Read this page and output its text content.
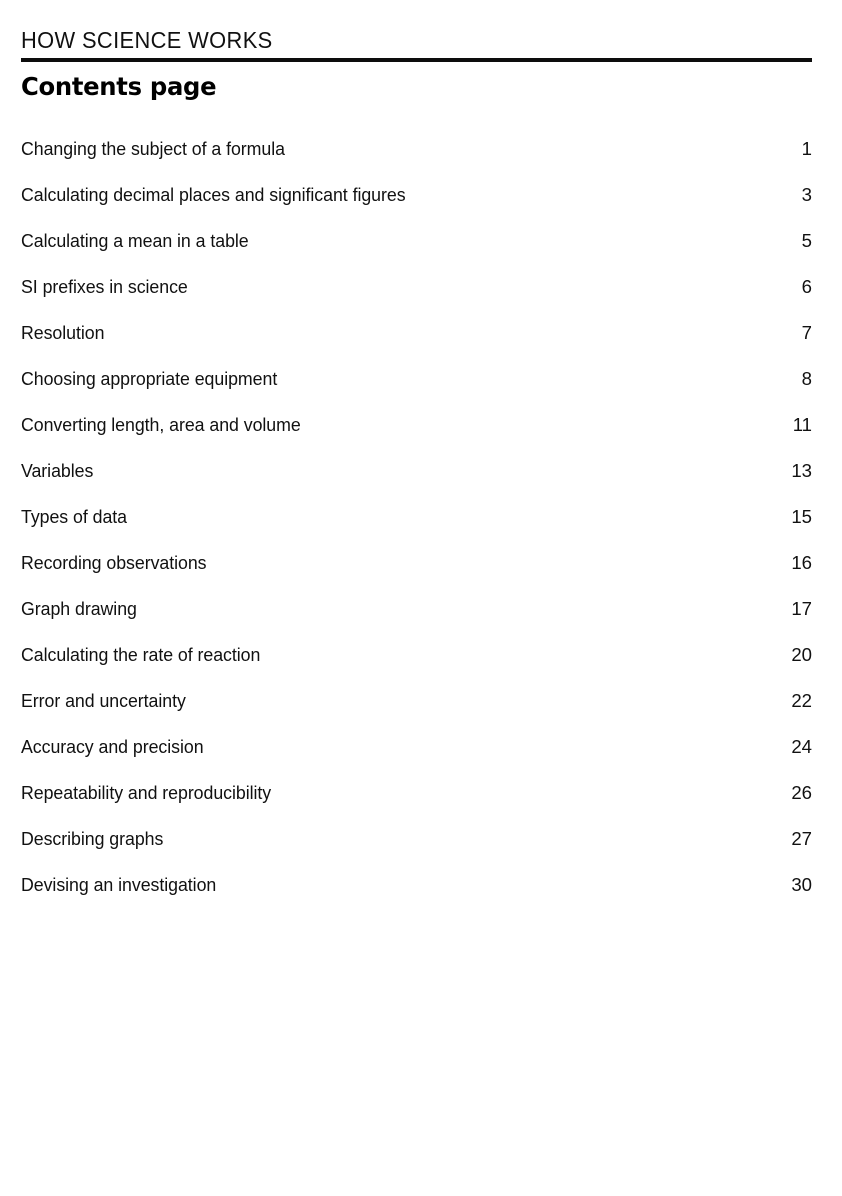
HOW SCIENCE WORKS
Contents page
Changing the subject of a formula	1
Calculating decimal places and significant figures	3
Calculating a mean in a table	5
SI prefixes in science	6
Resolution	7
Choosing appropriate equipment	8
Converting length, area and volume	11
Variables	13
Types of data	15
Recording observations	16
Graph drawing	17
Calculating the rate of reaction	20
Error and uncertainty	22
Accuracy and precision	24
Repeatability and reproducibility	26
Describing graphs	27
Devising an investigation	30
